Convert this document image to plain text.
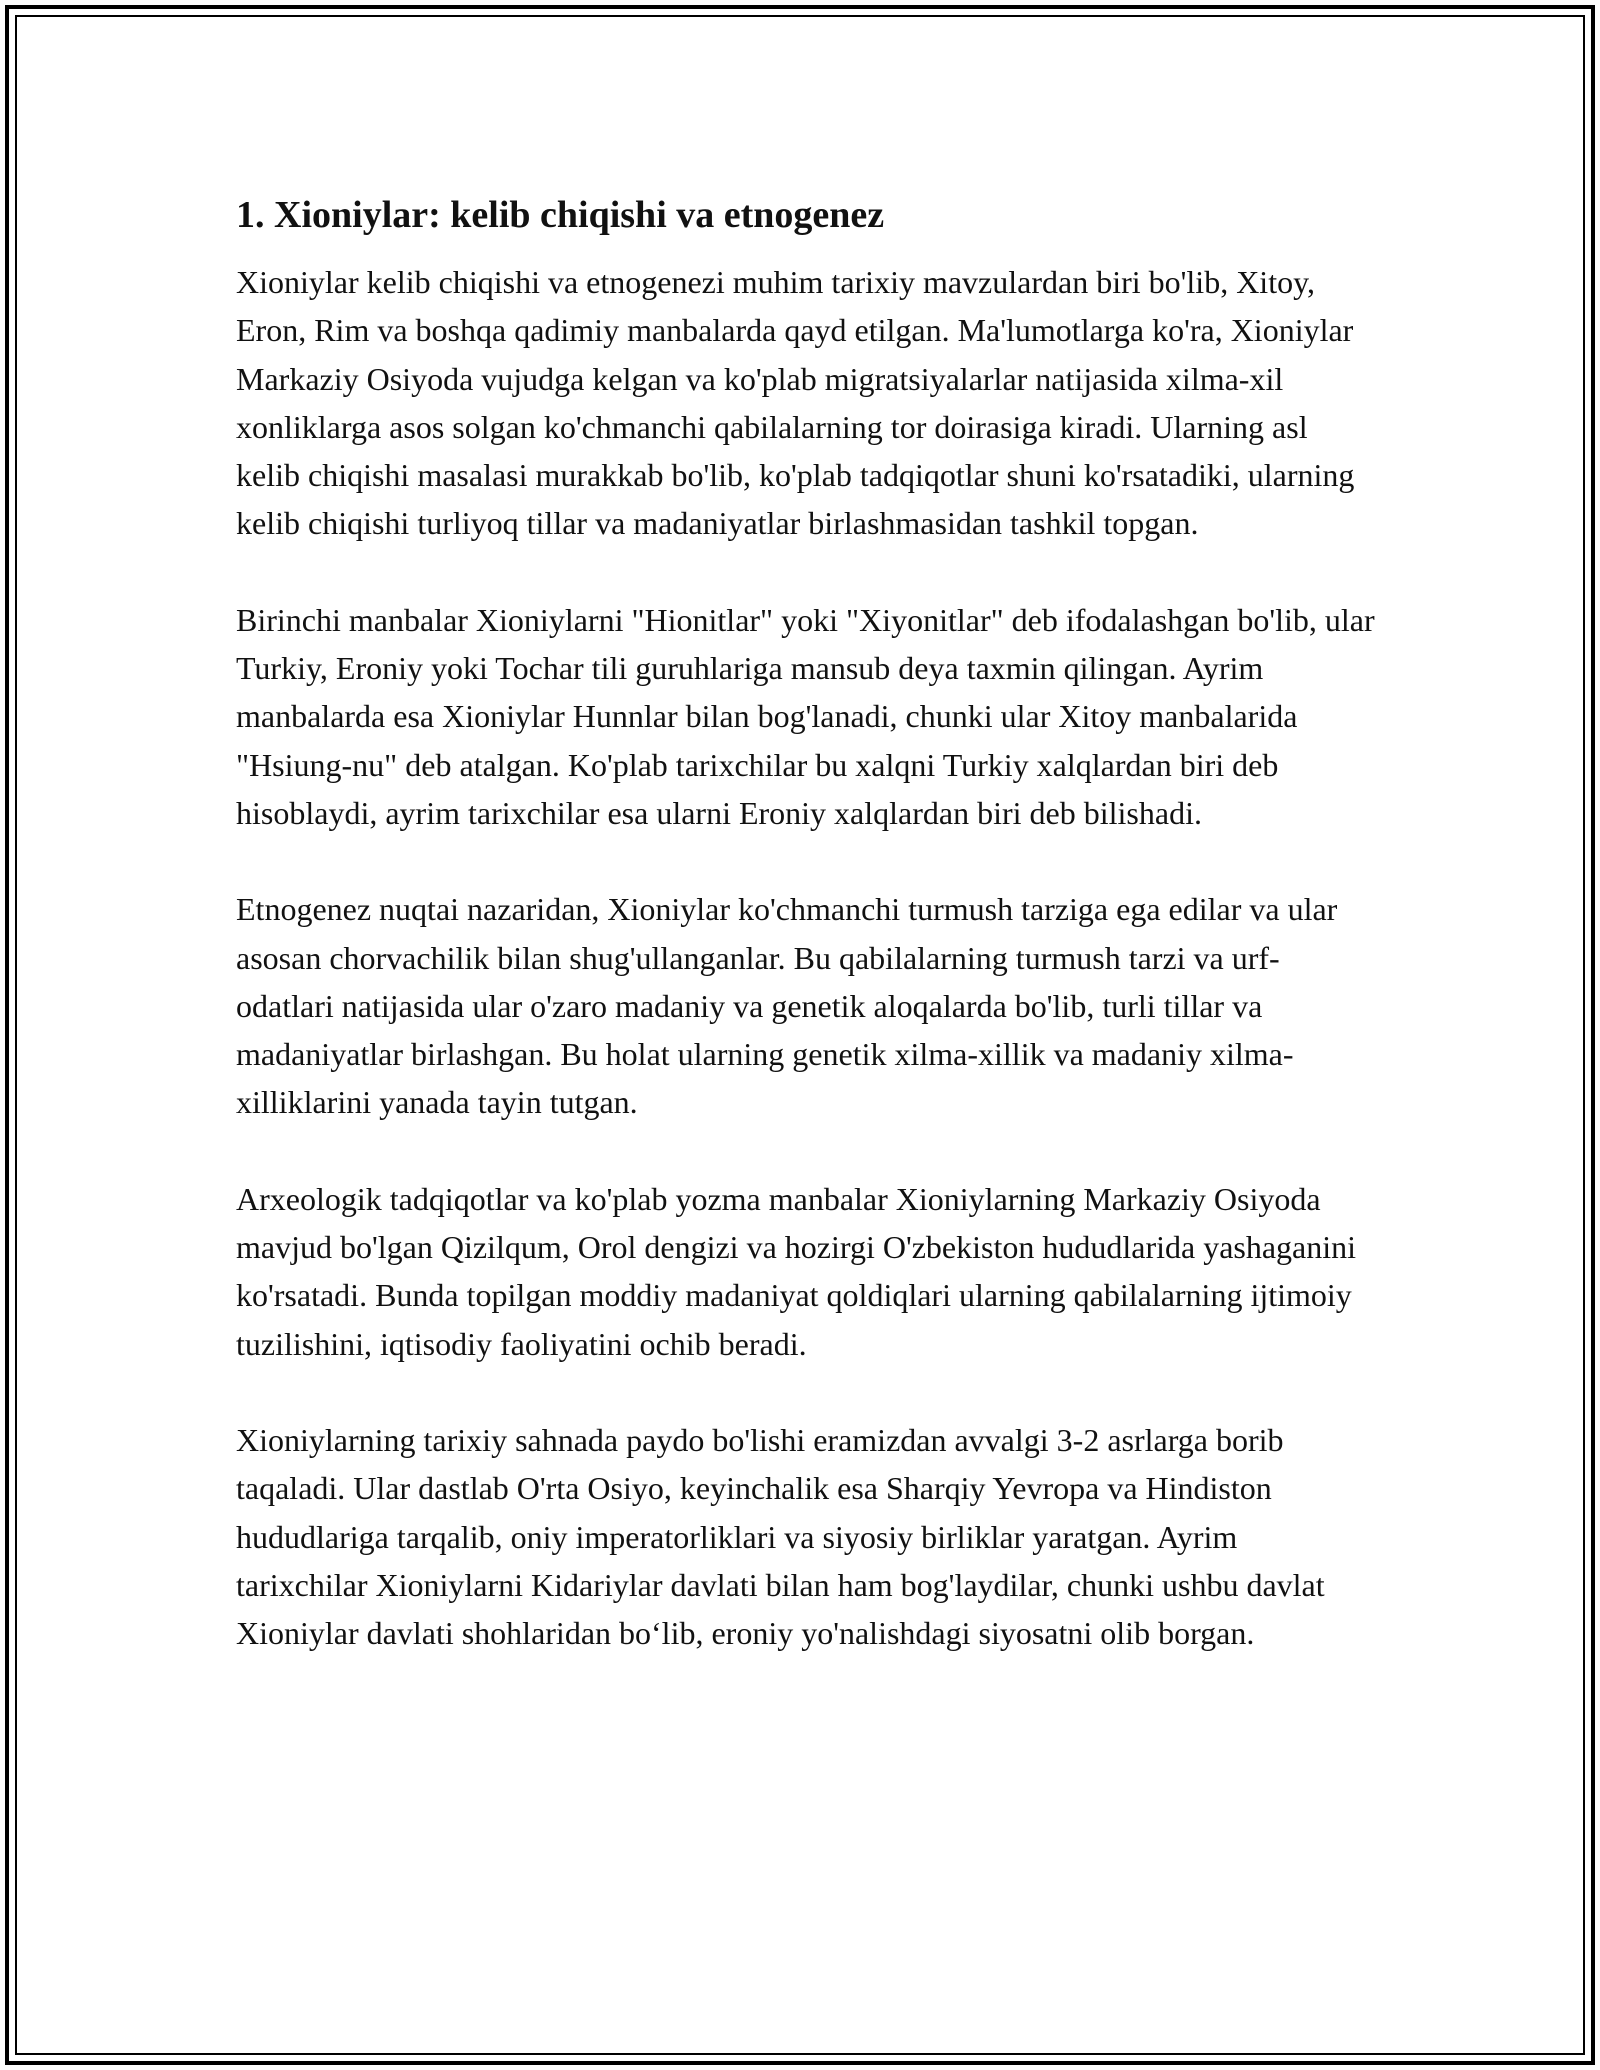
1. Xioniylar: kelib chiqishi va etnogenez

Xioniylar kelib chiqishi va etnogenezi muhim tarixiy mavzulardan biri bo'lib, Xitoy, Eron, Rim va boshqa qadimiy manbalarda qayd etilgan. Ma'lumotlarga ko'ra, Xioniylar Markaziy Osiyoda vujudga kelgan va ko'plab migratsiyalarlar natijasida xilma-xil xonliklarga asos solgan ko'chmanchi qabilalarning tor doirasiga kiradi. Ularning asl kelib chiqishi masalasi murakkab bo'lib, ko'plab tadqiqotlar shuni ko'rsatadiki, ularning kelib chiqishi turliyoq tillar va madaniyatlar birlashmasidan tashkil topgan.

Birinchi manbalar Xioniylarni "Hionitlar" yoki "Xiyonitlar" deb ifodalashgan bo'lib, ular Turkiy, Eroniy yoki Tochar tili guruhlariga mansub deya taxmin qilingan. Ayrim manbalarda esa Xioniylar Hunnlar bilan bog'lanadi, chunki ular Xitoy manbalarida "Hsiung-nu" deb atalgan. Ko'plab tarixchilar bu xalqni Turkiy xalqlardan biri deb hisoblaydi, ayrim tarixchilar esa ularni Eroniy xalqlardan biri deb bilishadi.

Etnogenez nuqtai nazaridan, Xioniylar ko'chmanchi turmush tarziga ega edilar va ular asosan chorvachilik bilan shug'ullanganlar. Bu qabilalarning turmush tarzi va urf-odatlari natijasida ular o'zaro madaniy va genetik aloqalarda bo'lib, turli tillar va madaniyatlar birlashgan. Bu holat ularning genetik xilma-xillik va madaniy xilma-xilliklarini yanada tayin tutgan.

Arxeologik tadqiqotlar va ko'plab yozma manbalar Xioniylarning Markaziy Osiyoda mavjud bo'lgan Qizilqum, Orol dengizi va hozirgi O'zbekiston hududlarida yashaganini ko'rsatadi. Bunda topilgan moddiy madaniyat qoldiqlari ularning qabilalarning ijtimoiy tuzilishini, iqtisodiy faoliyatini ochib beradi.

Xioniylarning tarixiy sahnada paydo bo'lishi eramizdan avvalgi 3-2 asrlarga borib taqaladi. Ular dastlab O'rta Osiyo, keyinchalik esa Sharqiy Yevropa va Hindiston hududlariga tarqalib, oniy imperatorliklari va siyosiy birliklar yaratgan. Ayrim tarixchilar Xioniylarni Kidariylar davlati bilan ham bog'laydilar, chunki ushbu davlat Xioniylar davlati shohlaridan bo‘lib, eroniy yo'nalishdagi siyosatni olib borgan.
